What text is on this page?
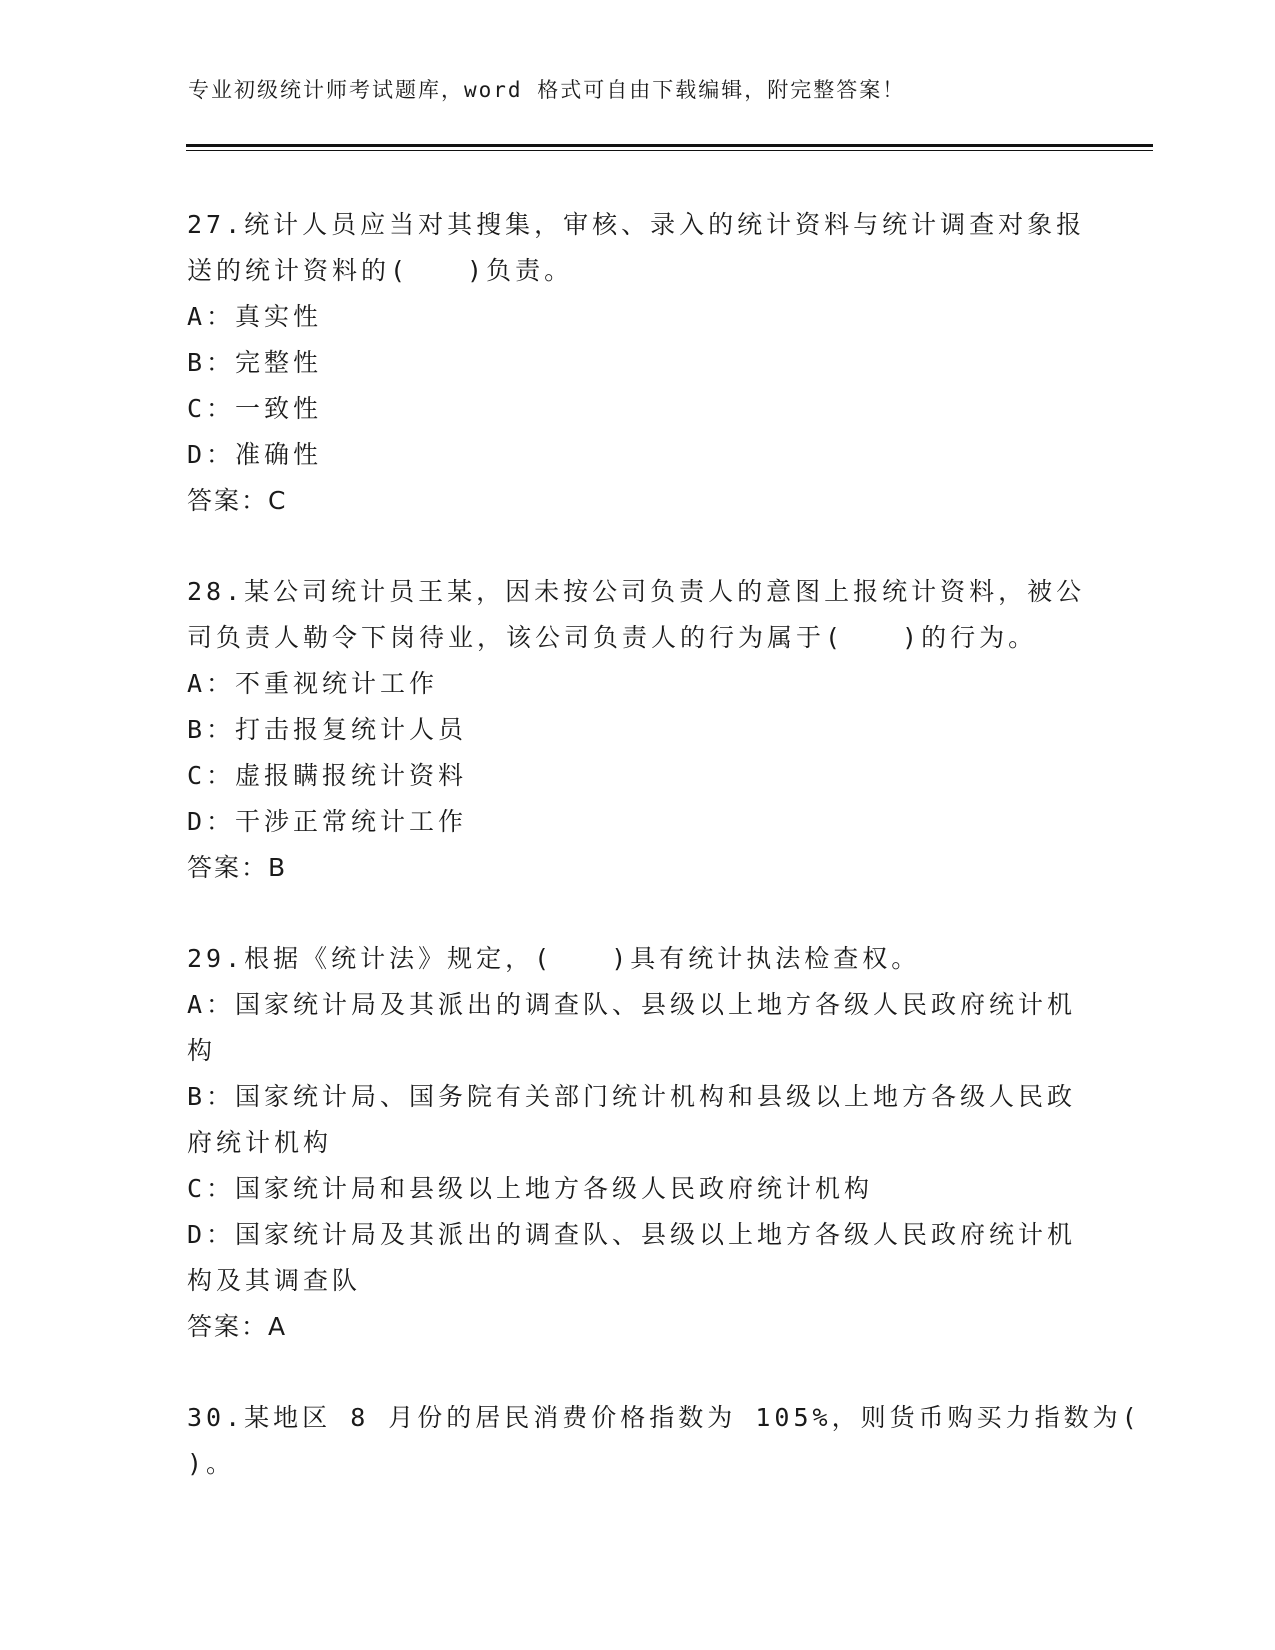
专业初级统计师考试题库，word 格式可自由下载编辑，附完整答案！
27.统计人员应当对其搜集，审核、录入的统计资料与统计调查对象报
送的统计资料的(　　)负责。
A：真实性
B：完整性
C：一致性
D：准确性
答案：C
28.某公司统计员王某，因未按公司负责人的意图上报统计资料，被公
司负责人勒令下岗待业，该公司负责人的行为属于(　　)的行为。
A：不重视统计工作
B：打击报复统计人员
C：虚报瞒报统计资料
D：干涉正常统计工作
答案：B
29.根据《统计法》规定，(　　)具有统计执法检查权。
A：国家统计局及其派出的调查队、县级以上地方各级人民政府统计机
构
B：国家统计局、国务院有关部门统计机构和县级以上地方各级人民政
府统计机构
C：国家统计局和县级以上地方各级人民政府统计机构
D：国家统计局及其派出的调查队、县级以上地方各级人民政府统计机
构及其调查队
答案：A
30.某地区 8 月份的居民消费价格指数为 105%，则货币购买力指数为(
)。
